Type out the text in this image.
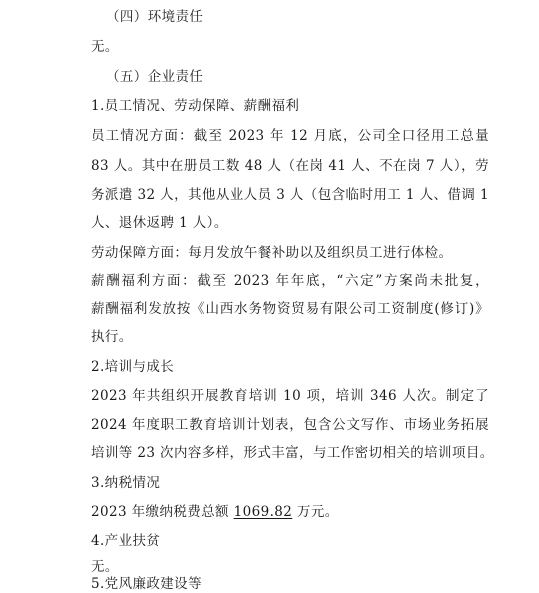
（四）环境责任
无。
（五）企业责任
1.员工情况、劳动保障、薪酬福利
员工情况方面：截至 2023 年 12 月底，公司全口径用工总量
83 人。其中在册员工数 48 人（在岗 41 人、不在岗 7 人），劳
务派遣 32 人，其他从业人员 3 人（包含临时用工 1 人、借调 1
人、退休返聘 1 人）。
劳动保障方面：每月发放午餐补助以及组织员工进行体检。
薪酬福利方面：截至 2023 年年底，“六定”方案尚未批复，
薪酬福利发放按《山西水务物资贸易有限公司工资制度(修订)》
执行。
2.培训与成长
2023 年共组织开展教育培训 10 项，培训 346 人次。制定了
2024 年度职工教育培训计划表，包含公文写作、市场业务拓展
培训等 23 次内容多样，形式丰富，与工作密切相关的培训项目。
3.纳税情况
2023 年缴纳税费总额 1069.82 万元。
4.产业扶贫
无。
5.党风廉政建设等
